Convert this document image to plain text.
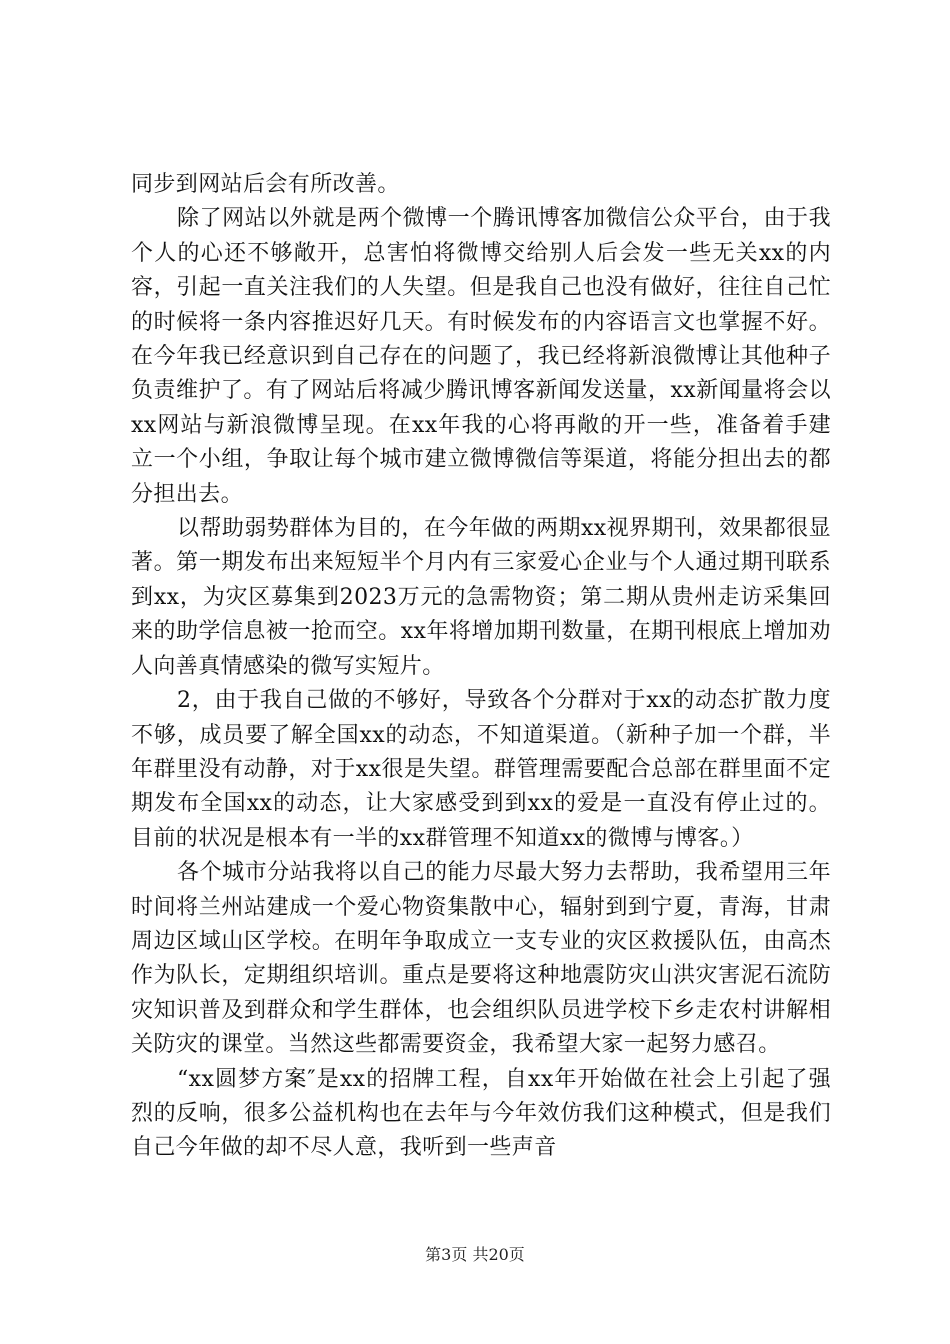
同步到网站后会有所改善。

除了网站以外就是两个微博一个腾讯博客加微信公众平台，由于我个人的心还不够敞开，总害怕将微博交给别人后会发一些无关xx的内容，引起一直关注我们的人失望。但是我自己也没有做好，往往自己忙的时候将一条内容推迟好几天。有时候发布的内容语言文也掌握不好。在今年我已经意识到自己存在的问题了，我已经将新浪微博让其他种子负责维护了。有了网站后将减少腾讯博客新闻发送量，xx新闻量将会以xx网站与新浪微博呈现。在xx年我的心将再敞的开一些，准备着手建立一个小组，争取让每个城市建立微博微信等渠道，将能分担出去的都分担出去。

以帮助弱势群体为目的，在今年做的两期xx视界期刊，效果都很显著。第一期发布出来短短半个月内有三家爱心企业与个人通过期刊联系到xx，为灾区募集到2023万元的急需物资；第二期从贵州走访采集回来的助学信息被一抢而空。xx年将增加期刊数量，在期刊根底上增加劝人向善真情感染的微写实短片。

2，由于我自己做的不够好，导致各个分群对于xx的动态扩散力度不够，成员要了解全国xx的动态，不知道渠道。（新种子加一个群，半年群里没有动静，对于xx很是失望。群管理需要配合总部在群里面不定期发布全国xx的动态，让大家感受到到xx的爱是一直没有停止过的。目前的状况是根本有一半的xx群管理不知道xx的微博与博客。）

各个城市分站我将以自己的能力尽最大努力去帮助，我希望用三年时间将兰州站建成一个爱心物资集散中心，辐射到到宁夏，青海，甘肃周边区域山区学校。在明年争取成立一支专业的灾区救援队伍，由高杰作为队长，定期组织培训。重点是要将这种地震防灾山洪灾害泥石流防灾知识普及到群众和学生群体，也会组织队员进学校下乡走农村讲解相关防灾的课堂。当然这些都需要资金，我希望大家一起努力感召。

“xx圆梦方案″是xx的招牌工程，自xx年开始做在社会上引起了强烈的反响，很多公益机构也在去年与今年效仿我们这种模式，但是我们自己今年做的却不尽人意，我听到一些声音

第3页 共20页
